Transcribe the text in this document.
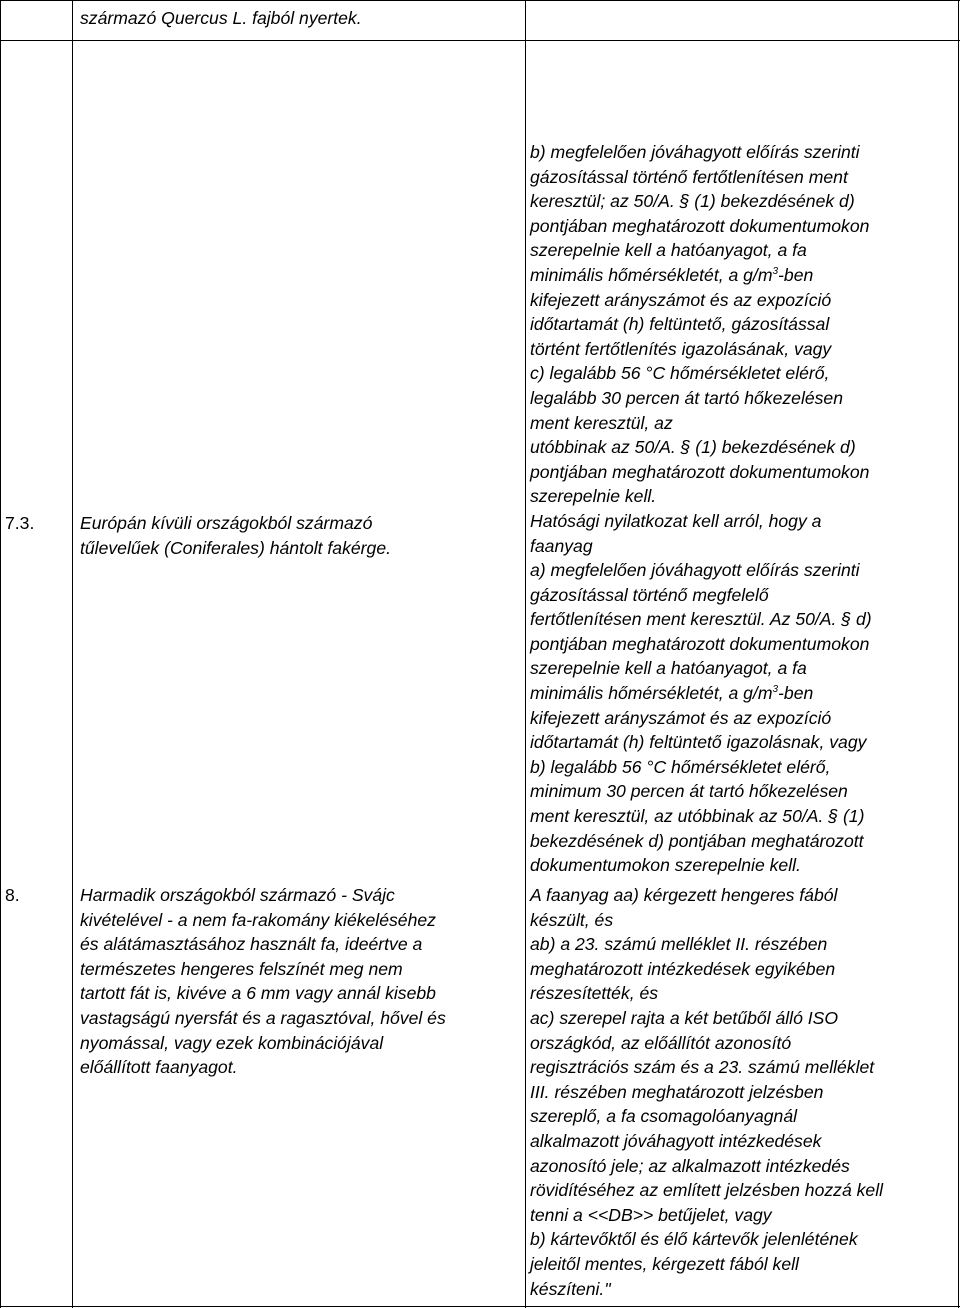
származó Quercus L. fajból nyertek.
7.3.	Európán kívüli országokból származó
tűlevelűek (Coniferales) hántolt fakérge.
b) megfelelően jóváhagyott előírás szerinti
gázosítással történő fertőtlenítésen ment
keresztül; az 50/A. § (1) bekezdésének d)
pontjában meghatározott dokumentumokon
szerepelnie kell a hatóanyagot, a fa
minimális hőmérsékletét, a $g/m^3$-ben
kifejezett arányszámot és az expozíció
időtartamát (h) feltüntető, gázosítással
történt fertőtlenítés igazolásának, vagy
c) legalább 56 °C hőmérsékletet elérő,
legalább 30 percen át tartó hőkezelésen
ment keresztül, az
utóbbinak az 50/A. § (1) bekezdésének d)
pontjában meghatározott dokumentumokon
szerepelnie kell.
Hatósági nyilatkozat kell arról, hogy a
faanyag
a) megfelelően jóváhagyott előírás szerinti
gázosítással történő megfelelő
fertőtlenítésen ment keresztül. Az 50/A. § d)
pontjában meghatározott dokumentumokon
szerepelnie kell a hatóanyagot, a fa
minimális hőmérsékletét, a $g/m^3$-ben
kifejezett arányszámot és az expozíció
időtartamát (h) feltüntető igazolásnak, vagy
b) legalább 56 °C hőmérsékletet elérő,
minimum 30 percen át tartó hőkezelésen
ment keresztül, az utóbbinak az 50/A. § (1)
bekezdésének d) pontjában meghatározott
dokumentumokon szerepelnie kell.
8.	Harmadik országokból származó - Svájc
kivételével - a nem fa-rakomány kiékeléséhez
és alátámasztásához használt fa, ideértve a
természetes hengeres felszínét meg nem
tartott fát is, kivéve a 6 mm vagy annál kisebb
vastagságú nyersfát és a ragasztóval, hővel és
nyomással, vagy ezek kombinációjával
előállított faanyagot.
A faanyag aa) kérgezett hengeres fából
készült, és
ab) a 23. számú melléklet II. részében
meghatározott intézkedések egyikében
részesítették, és
ac) szerepel rajta a két betűből álló ISO
országkód, az előállítót azonosító
regisztrációs szám és a 23. számú melléklet
III. részében meghatározott jelzésben
szereplő, a fa csomagolóanyagnál
alkalmazott jóváhagyott intézkedések
azonosító jele; az alkalmazott intézkedés
rövidítéséhez az említett jelzésben hozzá kell
tenni a <<DB>> betűjelet, vagy
b) kártevőktől és élő kártevők jelenlétének
jeleitől mentes, kérgezett fából kell
készíteni."
